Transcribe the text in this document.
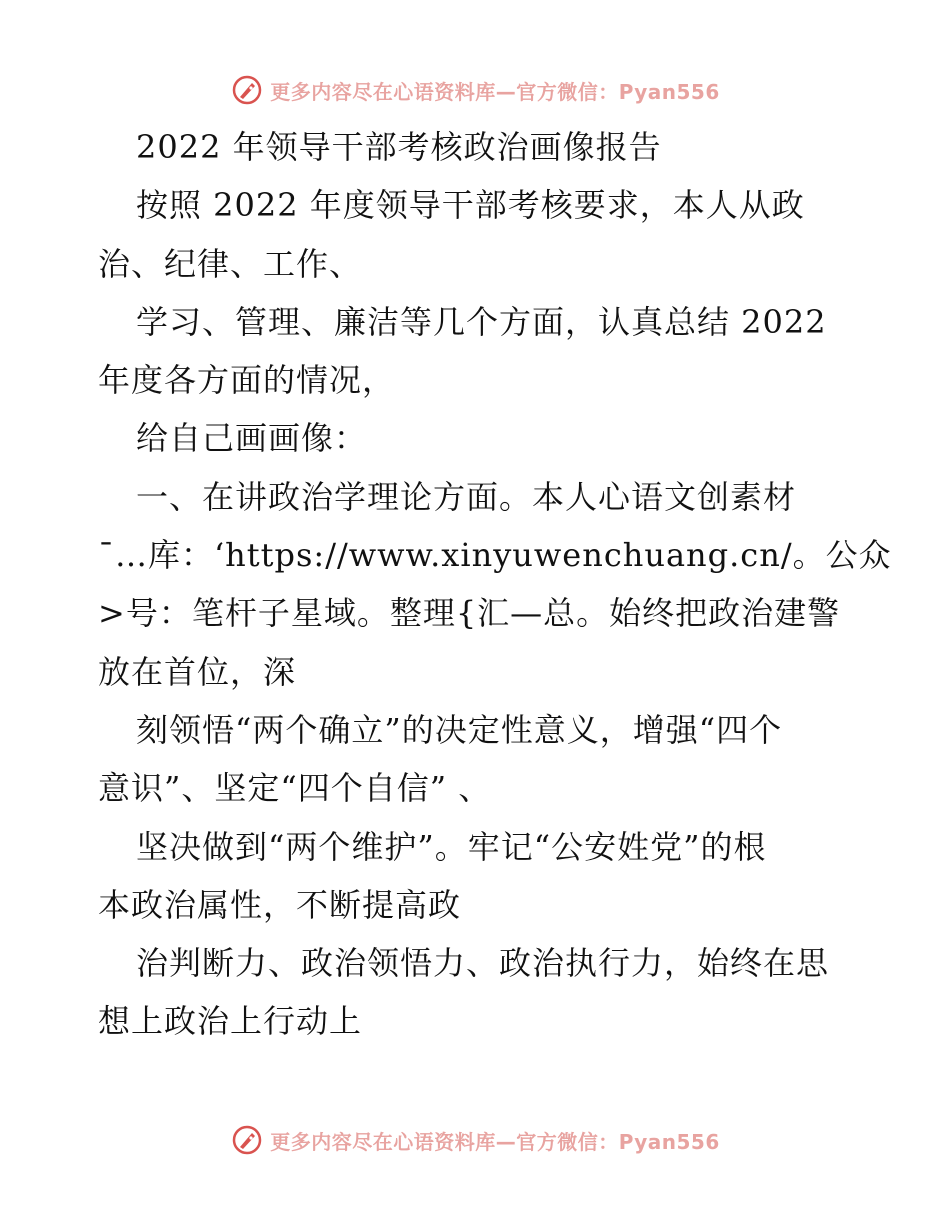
更多内容尽在心语资料库—官方微信：Pyan556
2022 年领导干部考核政治画像报告
按照 2022 年度领导干部考核要求，本人从政
治、纪律、工作、
学习、管理、廉洁等几个方面，认真总结 2022
年度各方面的情况，
给自己画画像：
一、在讲政治学理论方面。本人心语文创素材
¯…库：‘https://www.xinyuwenchuang.cn/。公众
>号：笔杆子星域。整理{汇—总。始终把政治建警
放在首位，深
刻领悟“两个确立”的决定性意义，增强“四个
意识”、坚定“四个自信” 、
坚决做到“两个维护”。牢记“公安姓党”的根
本政治属性，不断提高政
治判断力、政治领悟力、政治执行力，始终在思
想上政治上行动上
更多内容尽在心语资料库—官方微信：Pyan556
